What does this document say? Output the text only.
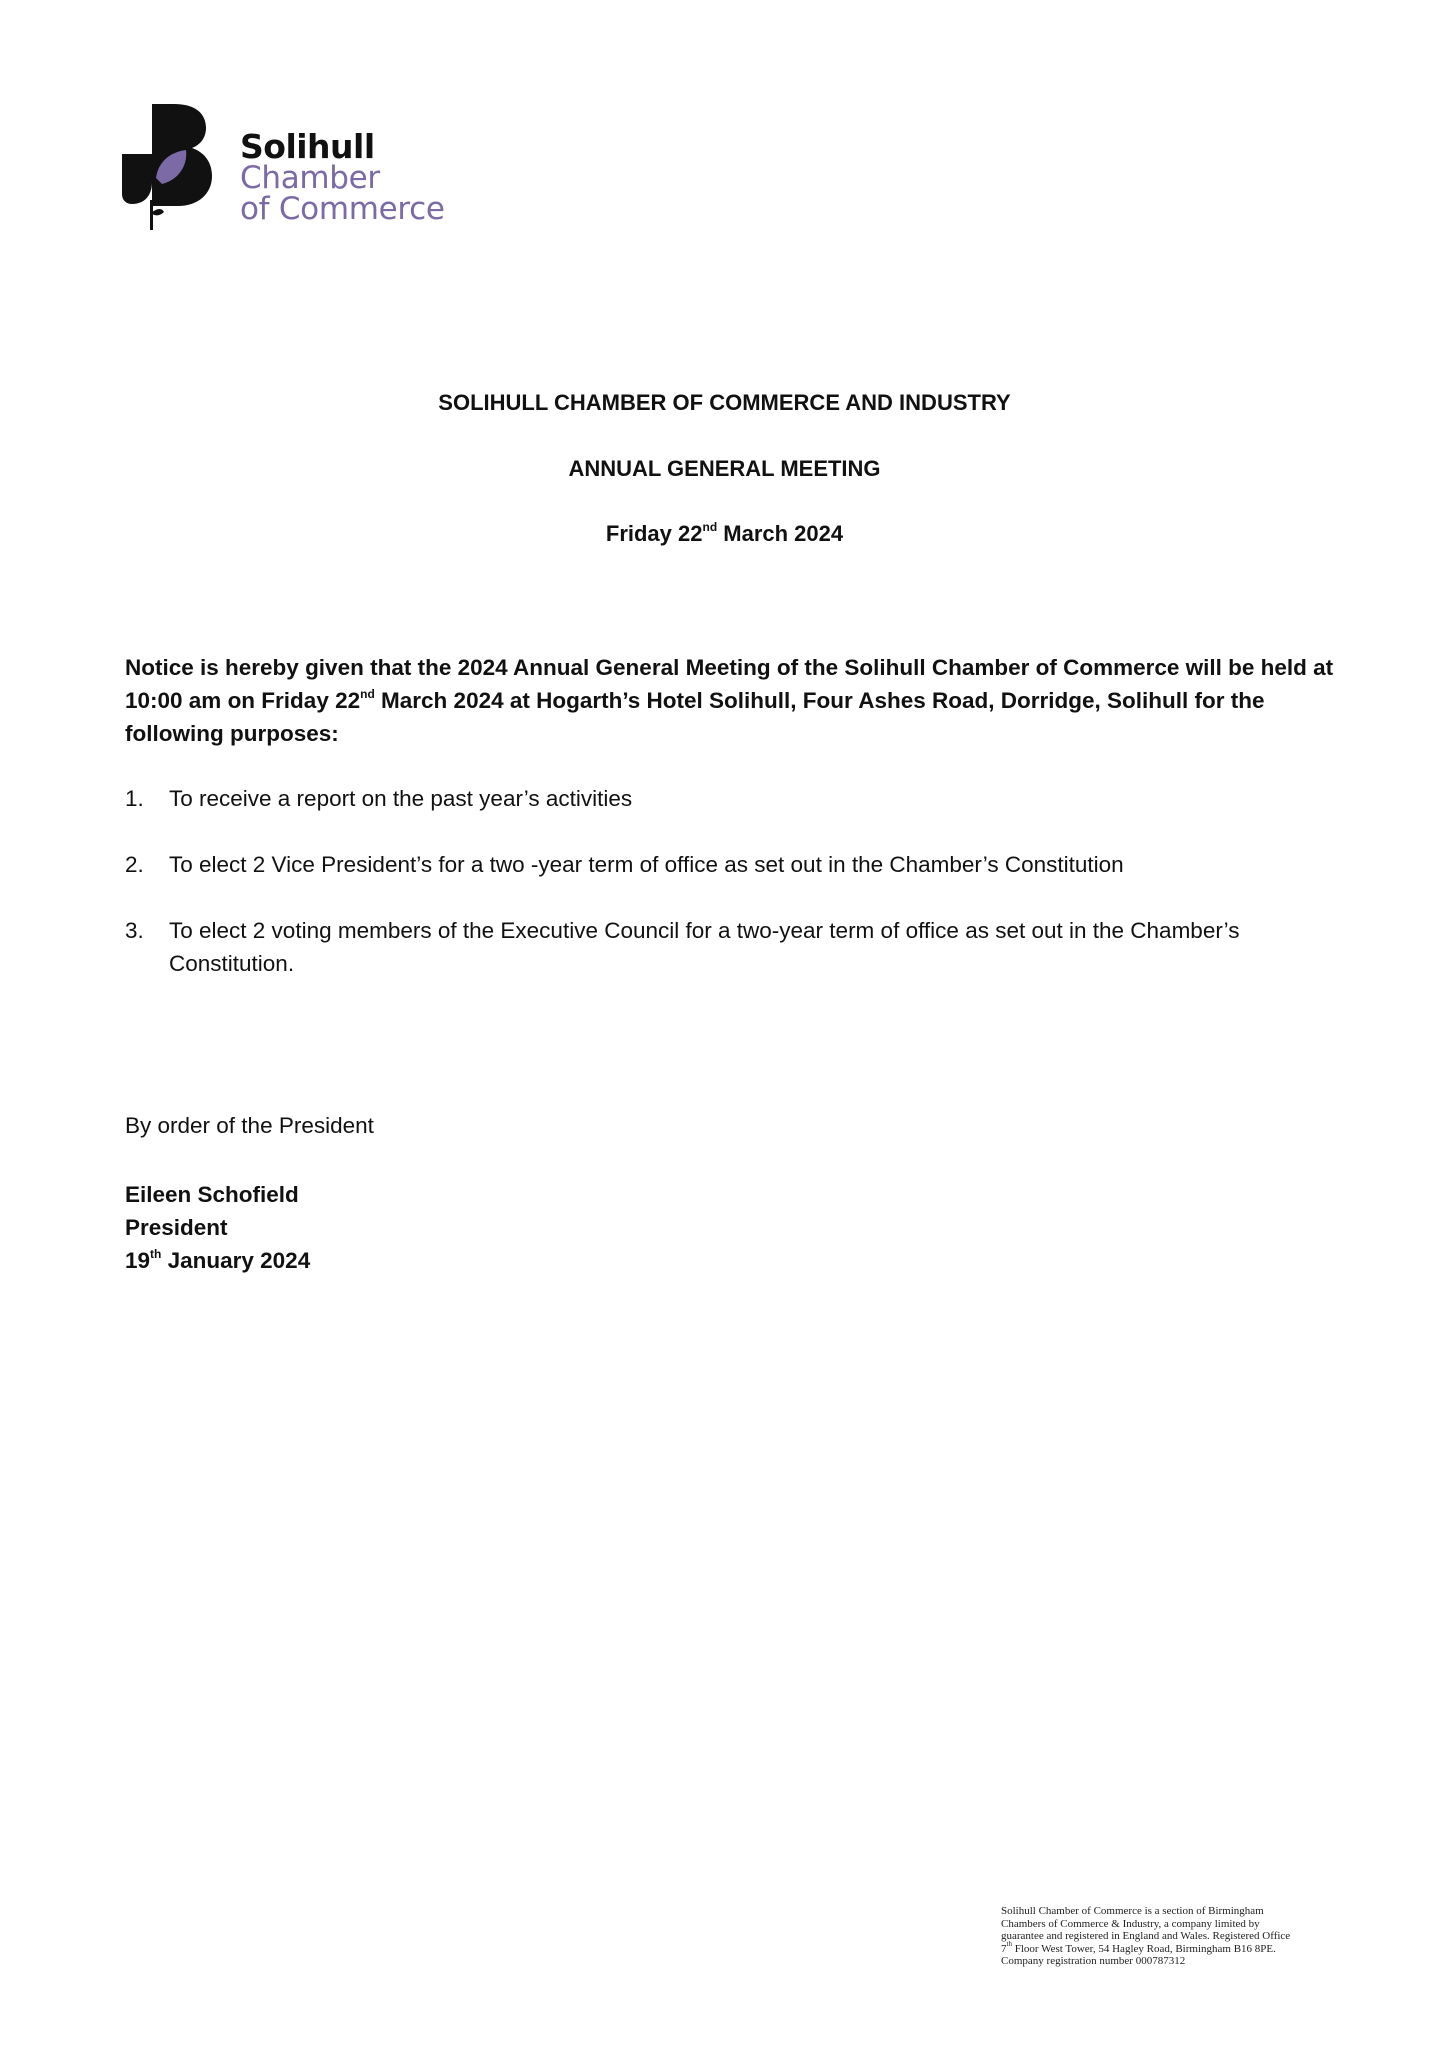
Solihull
Chamber
of Commerce
SOLIHULL CHAMBER OF COMMERCE AND INDUSTRY
ANNUAL GENERAL MEETING
Friday 22nd March 2024
Notice is hereby given that the 2024 Annual General Meeting of the Solihull Chamber of Commerce will be held at 10:00 am on Friday 22nd March 2024 at Hogarth’s Hotel Solihull, Four Ashes Road, Dorridge, Solihull for the following purposes:
1. To receive a report on the past year’s activities
2. To elect 2 Vice President’s for a two -year term of office as set out in the Chamber’s Constitution
3. To elect 2 voting members of the Executive Council for a two-year term of office as set out in the Chamber’s Constitution.
By order of the President
Eileen Schofield
President
19th January 2024
Solihull Chamber of Commerce is a section of Birmingham
Chambers of Commerce & Industry, a company limited by
guarantee and registered in England and Wales. Registered Office
7th Floor West Tower, 54 Hagley Road, Birmingham B16 8PE.
Company registration number 000787312
